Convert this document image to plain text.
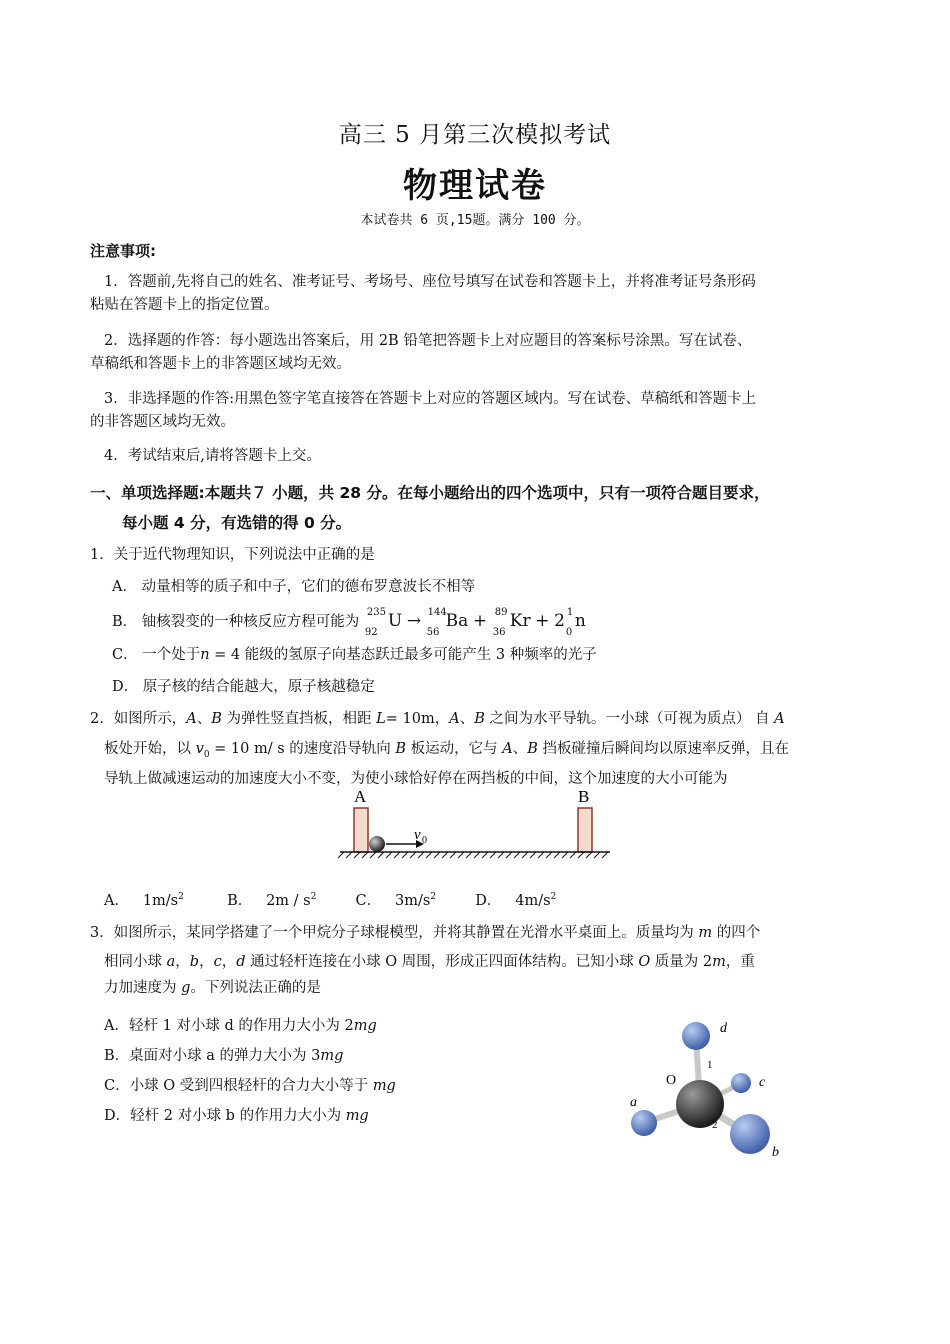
高三 5 月第三次模拟考试
物理试卷
本试卷共 6 页,15题。满分 100 分。
注意事项:
1．答题前,先将自己的姓名、准考证号、考场号、座位号填写在试卷和答题卡上，并将准考证号条形码
粘贴在答题卡上的指定位置。
2．选择题的作答：每小题选出答案后，用 2B 铅笔把答题卡上对应题目的答案标号涂黑。写在试卷、
草稿纸和答题卡上的非答题区域均无效。
3．非选择题的作答:用黑色签字笔直接答在答题卡上对应的答题区域内。写在试卷、草稿纸和答题卡上
的非答题区域均无效。
4．考试结束后,请将答题卡上交。
一、单项选择题:本题共７ 小题，共 28 分。在每小题给出的四个选项中，只有一项符合题目要求，
每小题 4 分，有选错的得 0 分。
1．关于近代物理知识，下列说法中正确的是
A． 动量相等的质子和中子，它们的德布罗意波长不相等
B． 铀核裂变的一种核反应方程可能为
235
92
U → 144
56
Ba + 89
36
Kr + 2 1
0
n
C． 一个处于n = 4 能级的氢原子向基态跃迁最多可能产生 3 种频率的光子
D． 原子核的结合能越大，原子核越稳定
2．如图所示，A、B 为弹性竖直挡板，相距 L= 10m，A、B 之间为水平导轨。一小球（可视为质点） 自 A
板处开始，以 $v_0 = 10$ m/ s 的速度沿导轨向 B 板运动，它与 A、B 挡板碰撞后瞬间均以原速率反弹，且在
导轨上做减速运动的加速度大小不变，为使小球恰好停在两挡板的中间，这个加速度的大小可能为
A	B
v 0
A． $1m/s^2$	B． $2m / s^2$	C． $3m/s^2$	D． $4m/s^2$
3．如图所示，某同学搭建了一个甲烷分子球棍模型，并将其静置在光滑水平桌面上。质量均为 m 的四个
相同小球 a，b，c，d 通过轻杆连接在小球 O 周围，形成正四面体结构。已知小球 O 质量为 2m，重
力加速度为 g。下列说法正确的是
A．轻杆 1 对小球 d 的作用力大小为 2mg
B．桌面对小球 a 的弹力大小为 3mg
C．小球 O 受到四根轻杆的合力大小等于 mg
D．轻杆 2 对小球 b 的作用力大小为 mg
d
c
a
b
O
1
2
